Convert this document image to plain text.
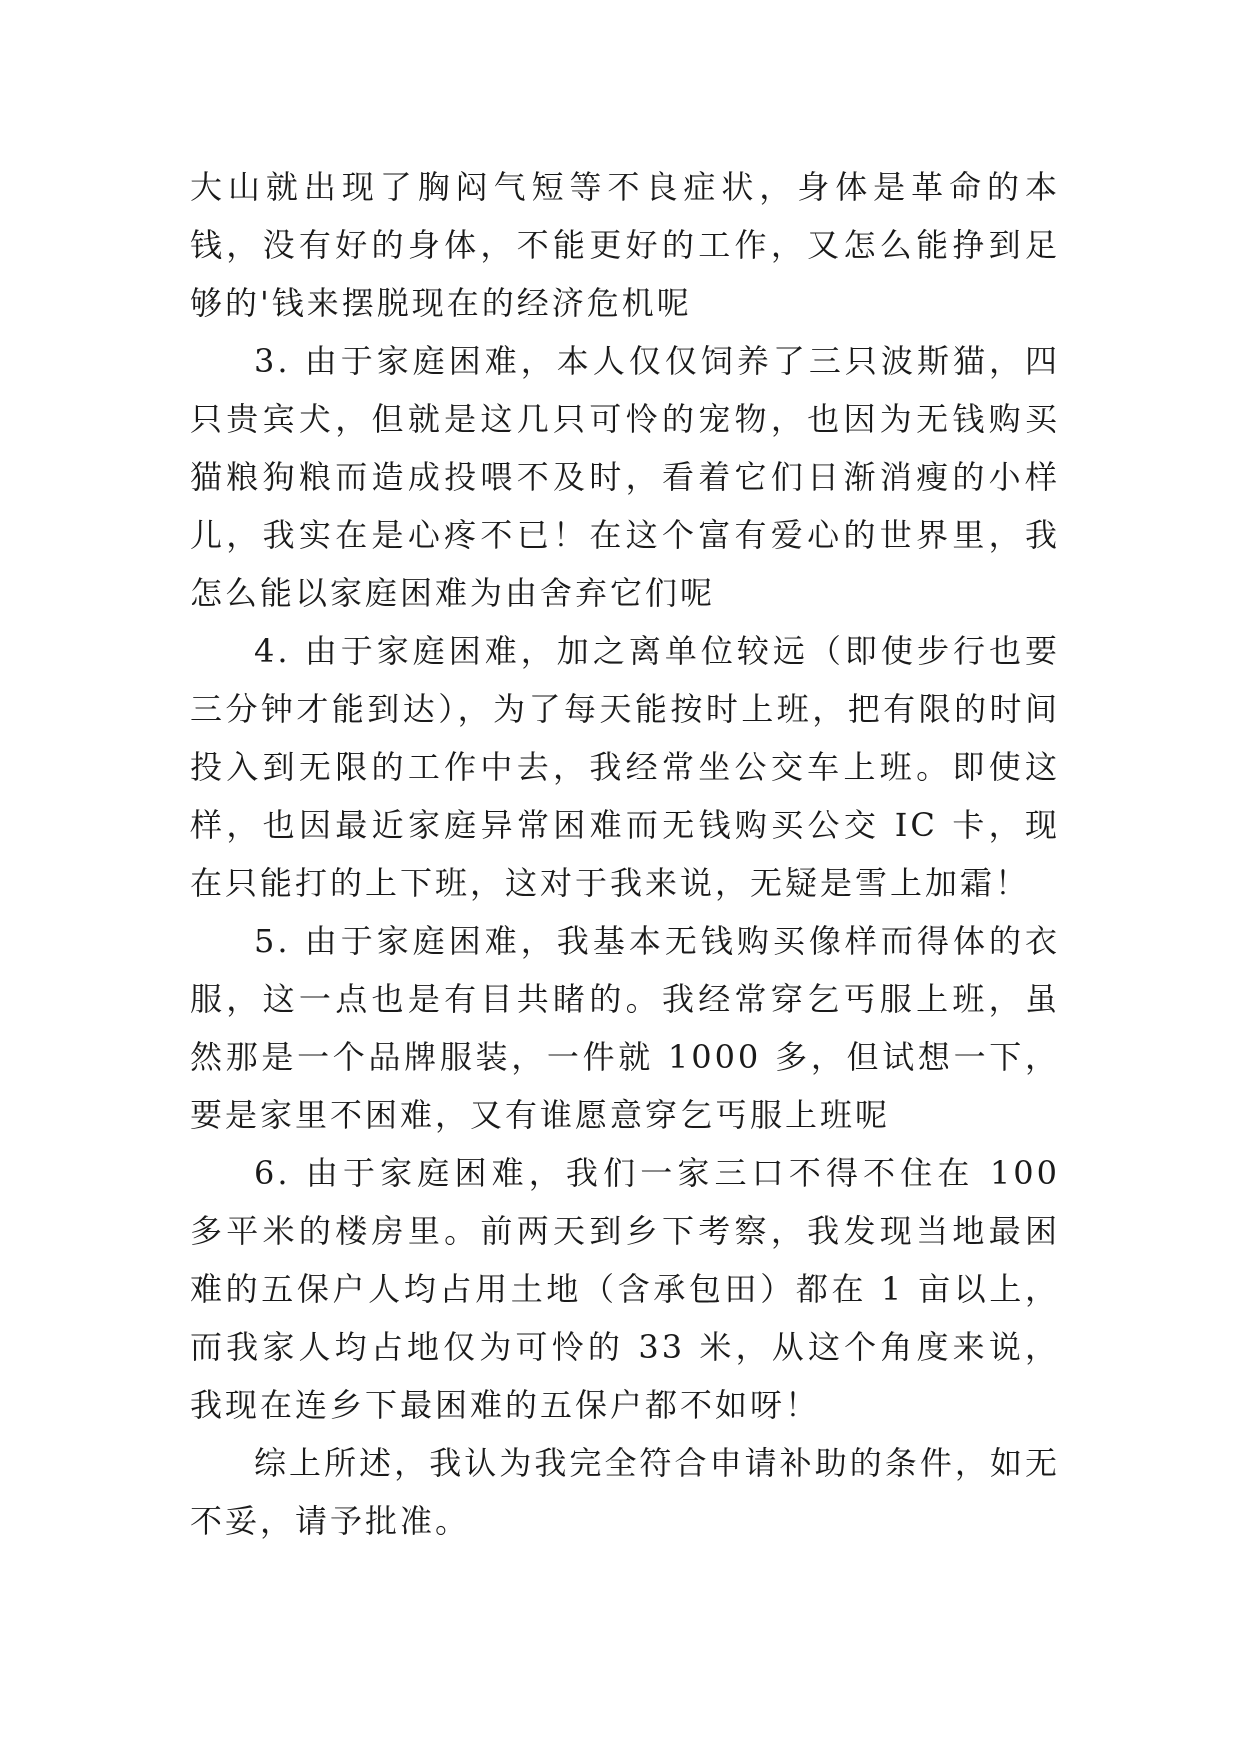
大山就出现了胸闷气短等不良症状，身体是革命的本钱，没有好的身体，不能更好的工作，又怎么能挣到足够的'钱来摆脱现在的经济危机呢

3. 由于家庭困难，本人仅仅饲养了三只波斯猫，四只贵宾犬，但就是这几只可怜的宠物，也因为无钱购买猫粮狗粮而造成投喂不及时，看着它们日渐消瘦的小样儿，我实在是心疼不已！在这个富有爱心的世界里，我怎么能以家庭困难为由舍弃它们呢

4. 由于家庭困难，加之离单位较远（即使步行也要三分钟才能到达），为了每天能按时上班，把有限的时间投入到无限的工作中去，我经常坐公交车上班。即使这样，也因最近家庭异常困难而无钱购买公交 IC 卡，现在只能打的上下班，这对于我来说，无疑是雪上加霜！

5. 由于家庭困难，我基本无钱购买像样而得体的衣服，这一点也是有目共睹的。我经常穿乞丐服上班，虽然那是一个品牌服装，一件就 1000 多，但试想一下，要是家里不困难，又有谁愿意穿乞丐服上班呢

6. 由于家庭困难，我们一家三口不得不住在 100 多平米的楼房里。前两天到乡下考察，我发现当地最困难的五保户人均占用土地（含承包田）都在 1 亩以上，而我家人均占地仅为可怜的 33 米，从这个角度来说，我现在连乡下最困难的五保户都不如呀！

综上所述，我认为我完全符合申请补助的条件，如无不妥，请予批准。
